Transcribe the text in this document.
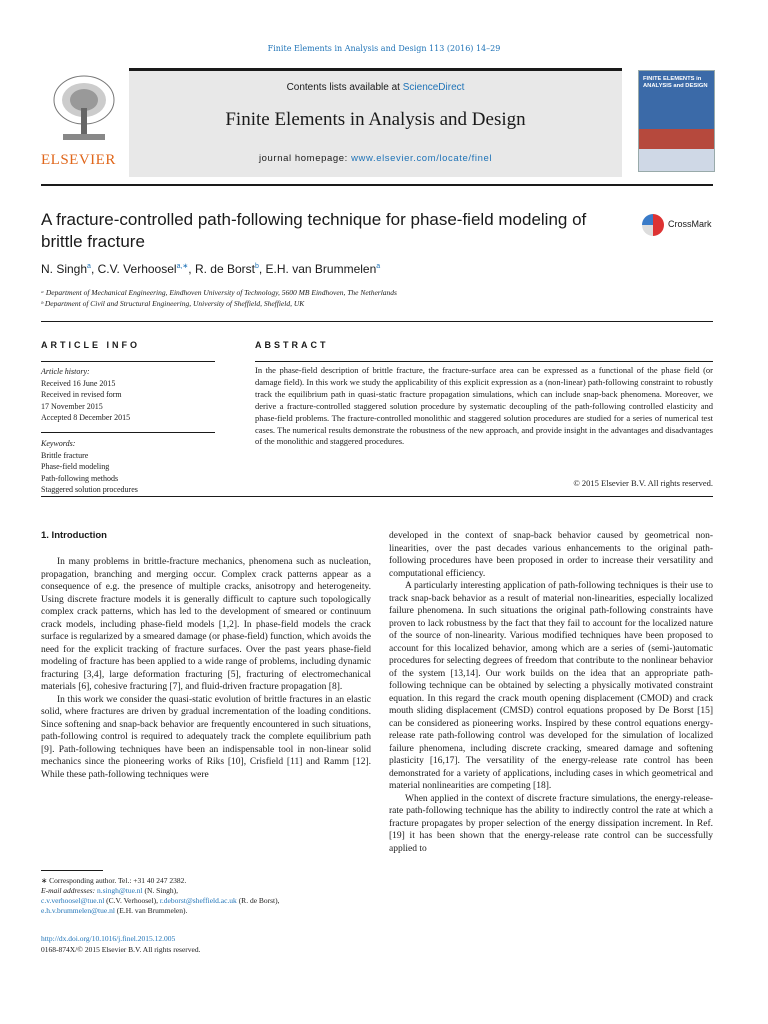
Finite Elements in Analysis and Design 113 (2016) 14–29
ELSEVIER
Contents lists available at ScienceDirect
Finite Elements in Analysis and Design
journal homepage: www.elsevier.com/locate/finel
FINITE ELEMENTS in ANALYSIS and DESIGN
A fracture-controlled path-following technique for phase-field modeling of brittle fracture
CrossMark
N. Singh$^a$, C.V. Verhoosel$^{a,∗}$, R. de Borst$^b$, E.H. van Brummelen$^a$
ᵃ Department of Mechanical Engineering, Eindhoven University of Technology, 5600 MB Eindhoven, The Netherlands
ᵇ Department of Civil and Structural Engineering, University of Sheffield, Sheffield, UK
ARTICLE INFO
Article history:
Received 16 June 2015
Received in revised form
17 November 2015
Accepted 8 December 2015
Keywords:
Brittle fracture
Phase-field modeling
Path-following methods
Staggered solution procedures
ABSTRACT
In the phase-field description of brittle fracture, the fracture-surface area can be expressed as a functional of the phase field (or damage field). In this work we study the applicability of this explicit expression as a (non-linear) path-following constraint to robustly track the equilibrium path in quasi-static fracture propagation simulations, which can include snap-back phenomena. Moreover, we derive a fracture-controlled staggered solution procedure by systematic decoupling of the path-following controlled elasticity and phase-field problems. The fracture-controlled monolithic and staggered solution procedures are studied for a series of numerical test cases. The numerical results demonstrate the robustness of the new approach, and provide insight in the advantages and disadvantages of the monolithic and staggered procedures.
© 2015 Elsevier B.V. All rights reserved.
1. Introduction

In many problems in brittle-fracture mechanics, phenomena such as nucleation, propagation, branching and merging occur. Complex crack patterns appear as a consequence of e.g. the presence of multiple cracks, anisotropy and heterogeneity. Using discrete fracture models it is generally difficult to capture such topologically complex crack patterns, which has led to the development of smeared or continuum crack models, including phase-field models [1,2]. In phase-field models the crack surface is regularized by a smeared damage (or phase-field) function, which avoids the need for the explicit tracking of fracture surfaces. Over the past years phase-field modeling of fracture has been applied to a wide range of problems, including dynamic fracturing [3,4], large deformation fracturing [5], fracturing of electromechanical materials [6], cohesive fracturing [7], and fluid-driven fracture propagation [8].

In this work we consider the quasi-static evolution of brittle fractures in an elastic solid, where fractures are driven by gradual incrementation of the loading conditions. Since softening and snap-back behavior are frequently encountered in such situations, path-following control is required to adequately track the complete equilibrium path [9]. Path-following techniques have been an indispensable tool in non-linear solid mechanics since the pioneering works of Riks [10], Crisfield [11] and Ramm [12]. While these path-following techniques were

developed in the context of snap-back behavior caused by geometrical non-linearities, over the past decades various enhancements to the original path-following procedures have been proposed in order to increase their versatility and computational efficiency.

A particularly interesting application of path-following techniques is their use to track snap-back behavior as a result of material non-linearities, especially localized failure phenomena. In such situations the original path-following constraints have proven to lack robustness by the fact that they fail to account for the localized nature of the source of non-linearity. Various modified techniques have been proposed to account for this localized behavior, among which are a series of (semi-)automatic procedures for selecting degrees of freedom that contribute to the nonlinear behavior of the system [13,14]. Our work builds on the idea that an appropriate path-following technique can be obtained by selecting a physically motivated constraint equation. In this regard the crack mouth opening displacement (CMOD) and crack mouth sliding displacement (CMSD) control equations proposed by De Borst [15] can be considered as pioneering works. Inspired by these control equations energy-release rate path-following control was developed for the simulation of localized failure phenomena, including discrete cracking, smeared damage and softening plasticity [16,17]. The versatility of the energy-release rate control has been demonstrated for a variety of applications, including cases in which geometrical and material nonlinearities are competing [18].

When applied in the context of discrete fracture simulations, the energy-release-rate path-following technique has the ability to indirectly control the rate at which a fracture propagates by proper selection of the energy dissipation increment. In Ref. [19] it has been shown that the energy-release rate control can be successfully applied to

∗ Corresponding author. Tel.: +31 40 247 2382.
E-mail addresses: n.singh@tue.nl (N. Singh),
c.v.verhoosel@tue.nl (C.V. Verhoosel), r.deborst@sheffield.ac.uk (R. de Borst),
e.h.v.brummelen@tue.nl (E.H. van Brummelen).
http://dx.doi.org/10.1016/j.finel.2015.12.005
0168-874X/© 2015 Elsevier B.V. All rights reserved.
